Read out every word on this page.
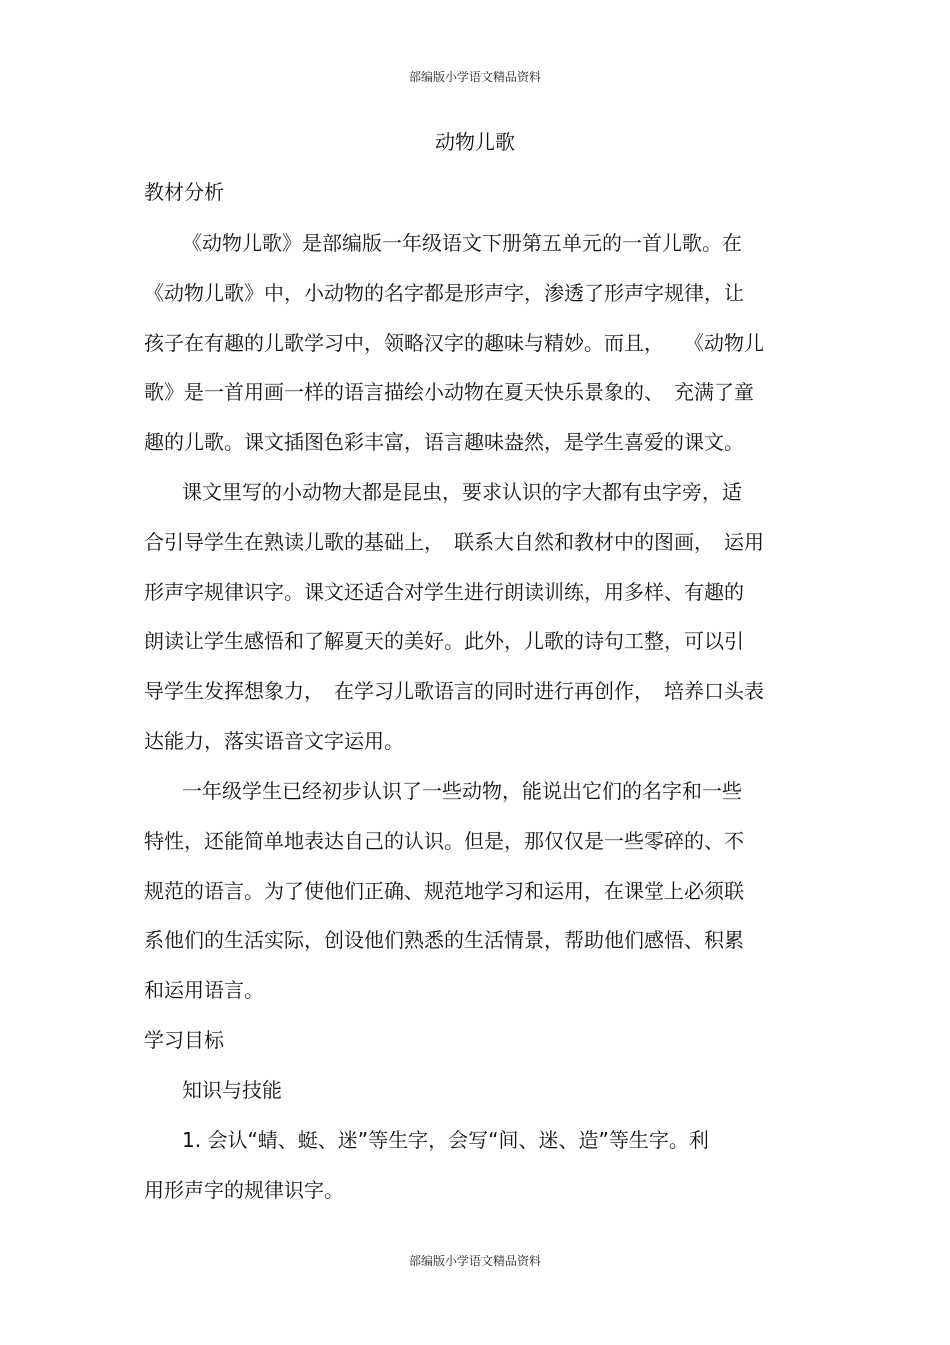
部编版小学语文精品资料
动物儿歌
教材分析
《动物儿歌》是部编版一年级语文下册第五单元的一首儿歌。在
《动物儿歌》中，小动物的名字都是形声字，渗透了形声字规律，让
孩子在有趣的儿歌学习中，领略汉字的趣味与精妙。而且，　　《动物儿
歌》是一首用画一样的语言描绘小动物在夏天快乐景象的、　充满了童
趣的儿歌。课文插图色彩丰富，语言趣味盎然，是学生喜爱的课文。
课文里写的小动物大都是昆虫，要求认识的字大都有虫字旁，适
合引导学生在熟读儿歌的基础上，　联系大自然和教材中的图画，　运用
形声字规律识字。课文还适合对学生进行朗读训练，用多样、有趣的
朗读让学生感悟和了解夏天的美好。此外，儿歌的诗句工整，可以引
导学生发挥想象力，　在学习儿歌语言的同时进行再创作，　培养口头表
达能力，落实语音文字运用。
一年级学生已经初步认识了一些动物，能说出它们的名字和一些
特性，还能简单地表达自己的认识。但是，那仅仅是一些零碎的、不
规范的语言。为了使他们正确、规范地学习和运用，在课堂上必须联
系他们的生活实际，创设他们熟悉的生活情景，帮助他们感悟、积累
和运用语言。
学习目标
知识与技能
1. 会认“蜻、蜓、迷”等生字，会写“间、迷、造”等生字。利
用形声字的规律识字。
部编版小学语文精品资料
